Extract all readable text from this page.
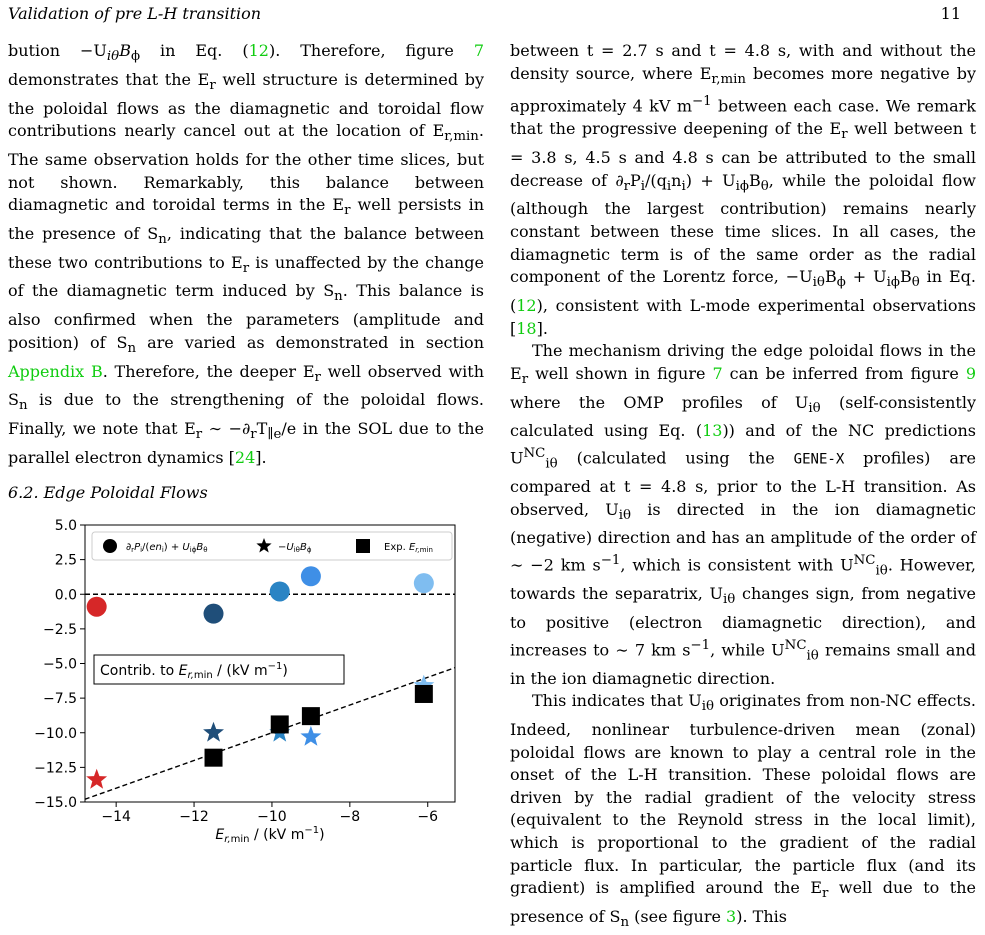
Validation of pre L-H transition	11

bution $-U_{i\theta}B_\phi$ in Eq. (12). Therefore, figure 7 demonstrates that the $E_r$ well structure is determined by the poloidal flows as the diamagnetic and toroidal flow contributions nearly cancel out at the location of $E_{r,min}$. The same observation holds for the other time slices, but not shown. Remarkably, this balance between diamagnetic and toroidal terms in the $E_r$ well persists in the presence of $S_n$, indicating that the balance between these two contributions to $E_r$ is unaffected by the change of the diamagnetic term induced by $S_n$. This balance is also confirmed when the parameters (amplitude and position) of $S_n$ are varied as demonstrated in section Appendix B. Therefore, the deeper $E_r$ well observed with $S_n$ is due to the strengthening of the poloidal flows. Finally, we note that $E_r$ ∼ $-\partial_rT_{\parallel e}/e$ in the SOL due to the parallel electron dynamics [24].

6.2. Edge Poloidal Flows
−14	−12	−10	−8	−6
5.0
2.5
0.0
−2.5
−5.0
−7.5
−10.0
−12.5
−15.0
$E_{r,}\min / (kV$ $m^{-1}$)
Contrib. to $E_{r,}\min / (kV$ $m^{-1}$)
$\partial_rP_i/(en_i) + U_{i\phi}B_\theta$	$-U_{i\theta}B_\phi$	Exp. $E_{r,}\min$

between t = 2.7 s and t = 4.8 s, with and without the density source, where $E_{r,min}$ becomes more negative by approximately 4 kV $m^{-1}$ between each case. We remark that the progressive deepening of the $E_r$ well between t = 3.8 s, 4.5 s and 4.8 s can be attributed to the small decrease of $\partial_rP_i/(q_in_i) + U_{i\phi}B_\theta$, while the poloidal flow (although the largest contribution) remains nearly constant between these time slices. In all cases, the diamagnetic term is of the same order as the radial component of the Lorentz force, $-U_{i\theta}B_\phi + U_{i\phi}B_\theta$ in Eq. (12), consistent with L-mode experimental observations [18].

The mechanism driving the edge poloidal flows in the $E_r$ well shown in figure 7 can be inferred from figure 9 where the OMP profiles of $U_{i\theta}$ (self-consistently calculated using Eq. (13)) and of the NC predictions $U^{NC}_{i\theta}$ (calculated using the GENE-X profiles) are compared at t = 4.8 s, prior to the L-H transition. As observed, $U_{i\theta}$ is directed in the ion diamagnetic (negative) direction and has an amplitude of the order of ∼ −2 km $s^{-1}$, which is consistent with $U^{NC}_{i\theta}$. However, towards the separatrix, $U_{i\theta}$ changes sign, from negative to positive (electron diamagnetic direction), and increases to ∼ 7 km $s^{-1}$, while $U^{NC}_{i\theta}$ remains small and in the ion diamagnetic direction.

This indicates that $U_{i\theta}$ originates from non-NC effects. Indeed, nonlinear turbulence-driven mean (zonal) poloidal flows are known to play a central role in the onset of the L-H transition. These poloidal flows are driven by the radial gradient of the velocity stress (equivalent to the Reynold stress in the local limit), which is proportional to the gradient of the radial particle flux. In particular, the particle flux (and its gradient) is amplified around the $E_r$ well due to the presence of $S_n$ (see figure 3). This
